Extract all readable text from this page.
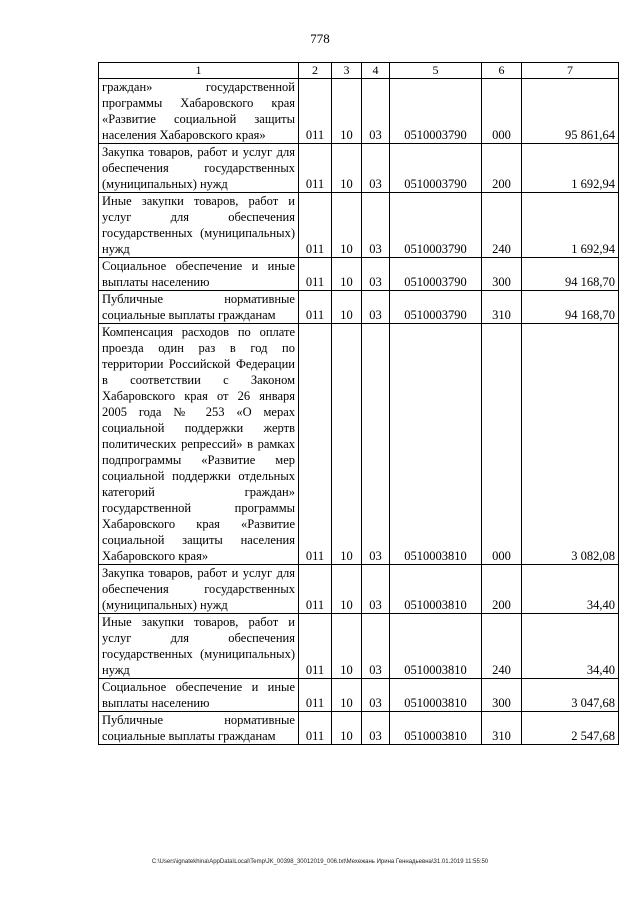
778
1	2	3	4	5	6	7
граждан» государственной программы Хабаровского края «Развитие социальной защиты населения Хабаровского края»	011	10	03	0510003790	000	95 861,64
Закупка товаров, работ и услуг для обеспечения государственных (муниципальных) нужд	011	10	03	0510003790	200	1 692,94
Иные закупки товаров, работ и услуг для обеспечения государственных (муниципальных) нужд	011	10	03	0510003790	240	1 692,94
Социальное обеспечение и иные выплаты населению	011	10	03	0510003790	300	94 168,70
Публичные нормативные социальные выплаты гражданам	011	10	03	0510003790	310	94 168,70
Компенсация расходов по оплате проезда один раз в год по территории Российской Федерации в соответствии с Законом Хабаровского края от 26 января 2005 года № 253 «О мерах социальной поддержки жертв политических репрессий» в рамках подпрограммы «Развитие мер социальной поддержки отдельных категорий граждан» государственной программы Хабаровского края «Развитие социальной защиты населения Хабаровского края»	011	10	03	0510003810	000	3 082,08
Закупка товаров, работ и услуг для обеспечения государственных (муниципальных) нужд	011	10	03	0510003810	200	34,40
Иные закупки товаров, работ и услуг для обеспечения государственных (муниципальных) нужд	011	10	03	0510003810	240	34,40
Социальное обеспечение и иные выплаты населению	011	10	03	0510003810	300	3 047,68
Публичные нормативные социальные выплаты гражданам	011	10	03	0510003810	310	2 547,68
C:\Users\ignatekhina\AppData\Local\Temp\JK_00398_30012019_006.txt\Мехежань Ирина Геннадьевна\31.01.2019 11:55:50
